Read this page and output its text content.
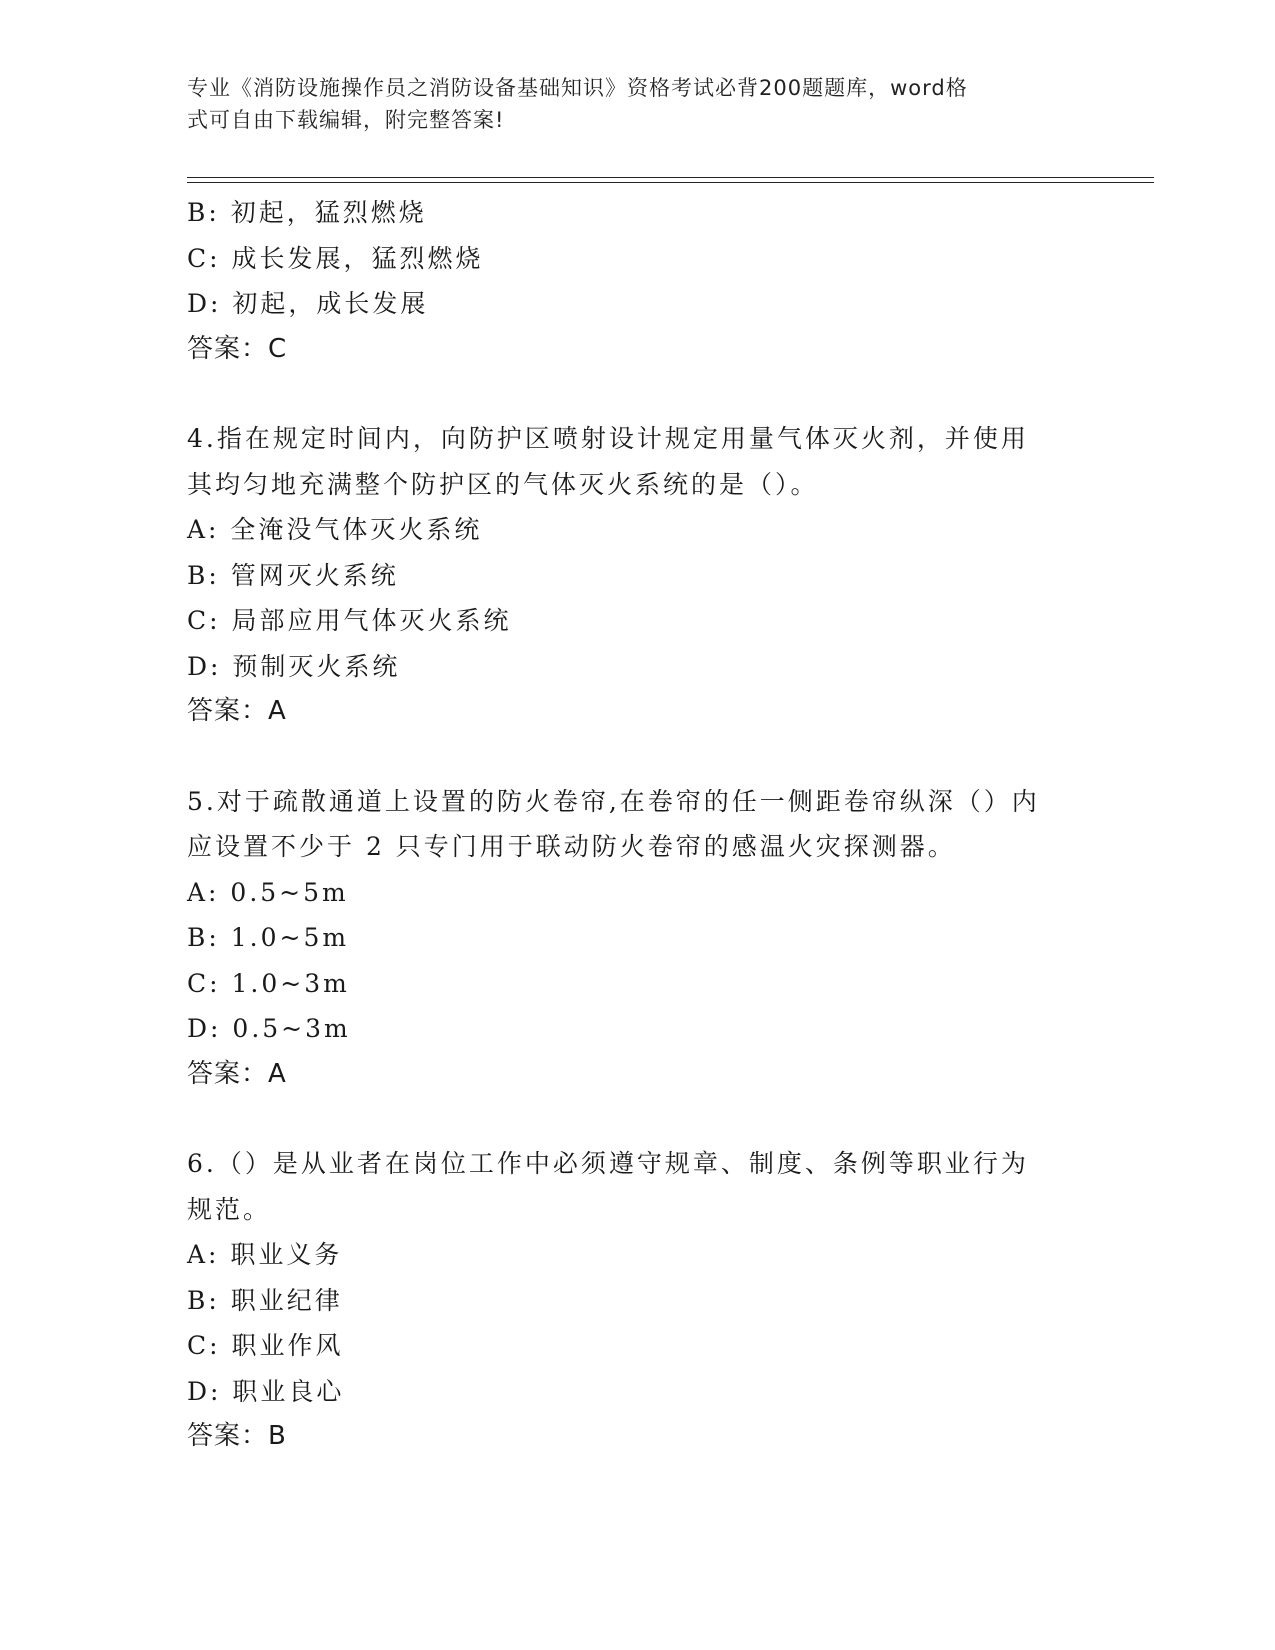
专业《消防设施操作员之消防设备基础知识》资格考试必背200题题库，word格
式可自由下载编辑，附完整答案!
B: 初起，猛烈燃烧
C: 成长发展，猛烈燃烧
D: 初起，成长发展
答案：C
4.指在规定时间内，向防护区喷射设计规定用量气体灭火剂，并使用
其均匀地充满整个防护区的气体灭火系统的是（）。
A: 全淹没气体灭火系统
B: 管网灭火系统
C: 局部应用气体灭火系统
D: 预制灭火系统
答案：A
5.对于疏散通道上设置的防火卷帘,在卷帘的任一侧距卷帘纵深（）内
应设置不少于 2 只专门用于联动防火卷帘的感温火灾探测器。
A: 0.5~5m
B: 1.0~5m
C: 1.0~3m
D: 0.5~3m
答案：A
6.（）是从业者在岗位工作中必须遵守规章、制度、条例等职业行为
规范。
A: 职业义务
B: 职业纪律
C: 职业作风
D: 职业良心
答案：B
